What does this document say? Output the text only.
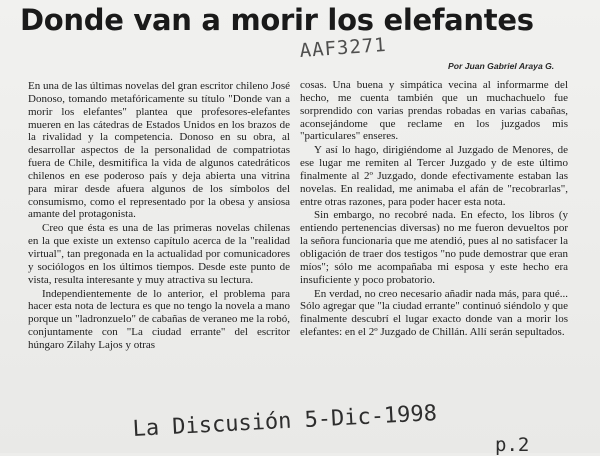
Donde van a morir los elefantes
AAF3271
Por Juan Gabriel Araya G.

En una de las últimas novelas del gran escritor chileno José Donoso, tomando metafóricamente su título "Donde van a morir los elefantes" plantea que profesores-elefantes mueren en las cátedras de Estados Unidos en los brazos de la rivalidad y la competencia. Donoso en su obra, al desarrollar aspectos de la personalidad de compatriotas fuera de Chile, desmitifica la vida de algunos catedráticos chilenos en ese poderoso país y deja abierta una vitrina para mirar desde afuera algunos de los símbolos del consumismo, como el representado por la obesa y ansiosa amante del protagonista.

Creo que ésta es una de las primeras novelas chilenas en la que existe un extenso capítulo acerca de la "realidad virtual", tan pregonada en la actualidad por comunicadores y sociólogos en los últimos tiempos. Desde este punto de vista, resulta interesante y muy atractiva su lectura.

Independientemente de lo anterior, el problema para hacer esta nota de lectura es que no tengo la novela a mano porque un "ladronzuelo" de cabañas de veraneo me la robó, conjuntamente con "La ciudad errante" del escritor húngaro Zilahy Lajos y otras

cosas. Una buena y simpática vecina al informarme del hecho, me cuenta también que un muchachuelo fue sorprendido con varias prendas robadas en varias cabañas, aconsejándome que reclame en los juzgados mis "particulares" enseres.

Y así lo hago, dirigiéndome al Juzgado de Menores, de ese lugar me remiten al Tercer Juzgado y de este último finalmente al 2º Juzgado, donde efectivamente estaban las novelas. En realidad, me animaba el afán de "recobrarlas", entre otras razones, para poder hacer esta nota.

Sin embargo, no recobré nada. En efecto, los libros (y entiendo pertenencias diversas) no me fueron devueltos por la señora funcionaria que me atendió, pues al no satisfacer la obligación de traer dos testigos "no pude demostrar que eran míos"; sólo me acompañaba mi esposa y este hecho era insuficiente y poco probatorio.

En verdad, no creo necesario añadir nada más, para qué... Sólo agregar que "la ciudad errante" continuó siéndolo y que finalmente descubrí el lugar exacto donde van a morir los elefantes: en el 2º Juzgado de Chillán. Allí serán sepultados.

La Discusión 5-Dic-1998
p.2
